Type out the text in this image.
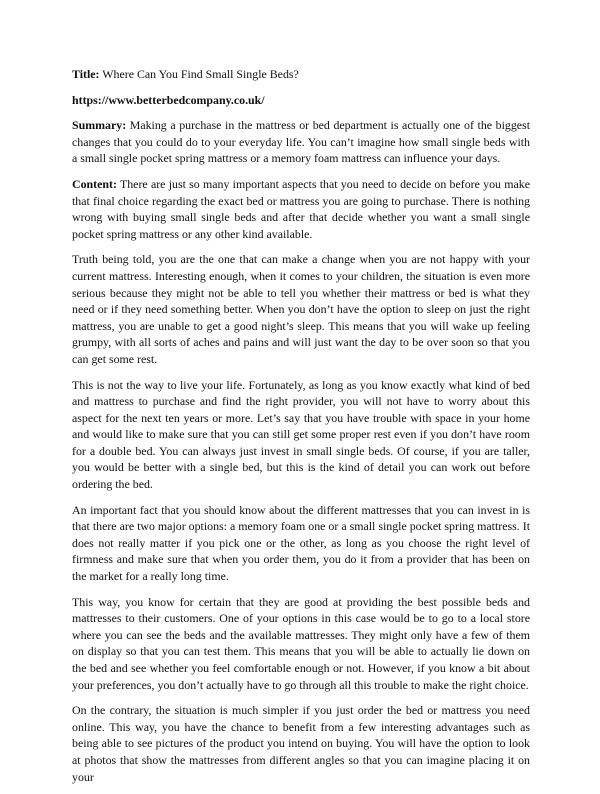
Title: Where Can You Find Small Single Beds?

https://www.betterbedcompany.co.uk/

Summary: Making a purchase in the mattress or bed department is actually one of the biggest changes that you could do to your everyday life. You can’t imagine how small single beds with a small single pocket spring mattress or a memory foam mattress can influence your days.

Content: There are just so many important aspects that you need to decide on before you make that final choice regarding the exact bed or mattress you are going to purchase. There is nothing wrong with buying small single beds and after that decide whether you want a small single pocket spring mattress or any other kind available.

Truth being told, you are the one that can make a change when you are not happy with your current mattress. Interesting enough, when it comes to your children, the situation is even more serious because they might not be able to tell you whether their mattress or bed is what they need or if they need something better. When you don’t have the option to sleep on just the right mattress, you are unable to get a good night’s sleep. This means that you will wake up feeling grumpy, with all sorts of aches and pains and will just want the day to be over soon so that you can get some rest.

This is not the way to live your life. Fortunately, as long as you know exactly what kind of bed and mattress to purchase and find the right provider, you will not have to worry about this aspect for the next ten years or more. Let’s say that you have trouble with space in your home and would like to make sure that you can still get some proper rest even if you don’t have room for a double bed. You can always just invest in small single beds. Of course, if you are taller, you would be better with a single bed, but this is the kind of detail you can work out before ordering the bed.

An important fact that you should know about the different mattresses that you can invest in is that there are two major options: a memory foam one or a small single pocket spring mattress. It does not really matter if you pick one or the other, as long as you choose the right level of firmness and make sure that when you order them, you do it from a provider that has been on the market for a really long time.

This way, you know for certain that they are good at providing the best possible beds and mattresses to their customers. One of your options in this case would be to go to a local store where you can see the beds and the available mattresses. They might only have a few of them on display so that you can test them. This means that you will be able to actually lie down on the bed and see whether you feel comfortable enough or not. However, if you know a bit about your preferences, you don’t actually have to go through all this trouble to make the right choice.

On the contrary, the situation is much simpler if you just order the bed or mattress you need online. This way, you have the chance to benefit from a few interesting advantages such as being able to see pictures of the product you intend on buying. You will have the option to look at photos that show the mattresses from different angles so that you can imagine placing it on your
